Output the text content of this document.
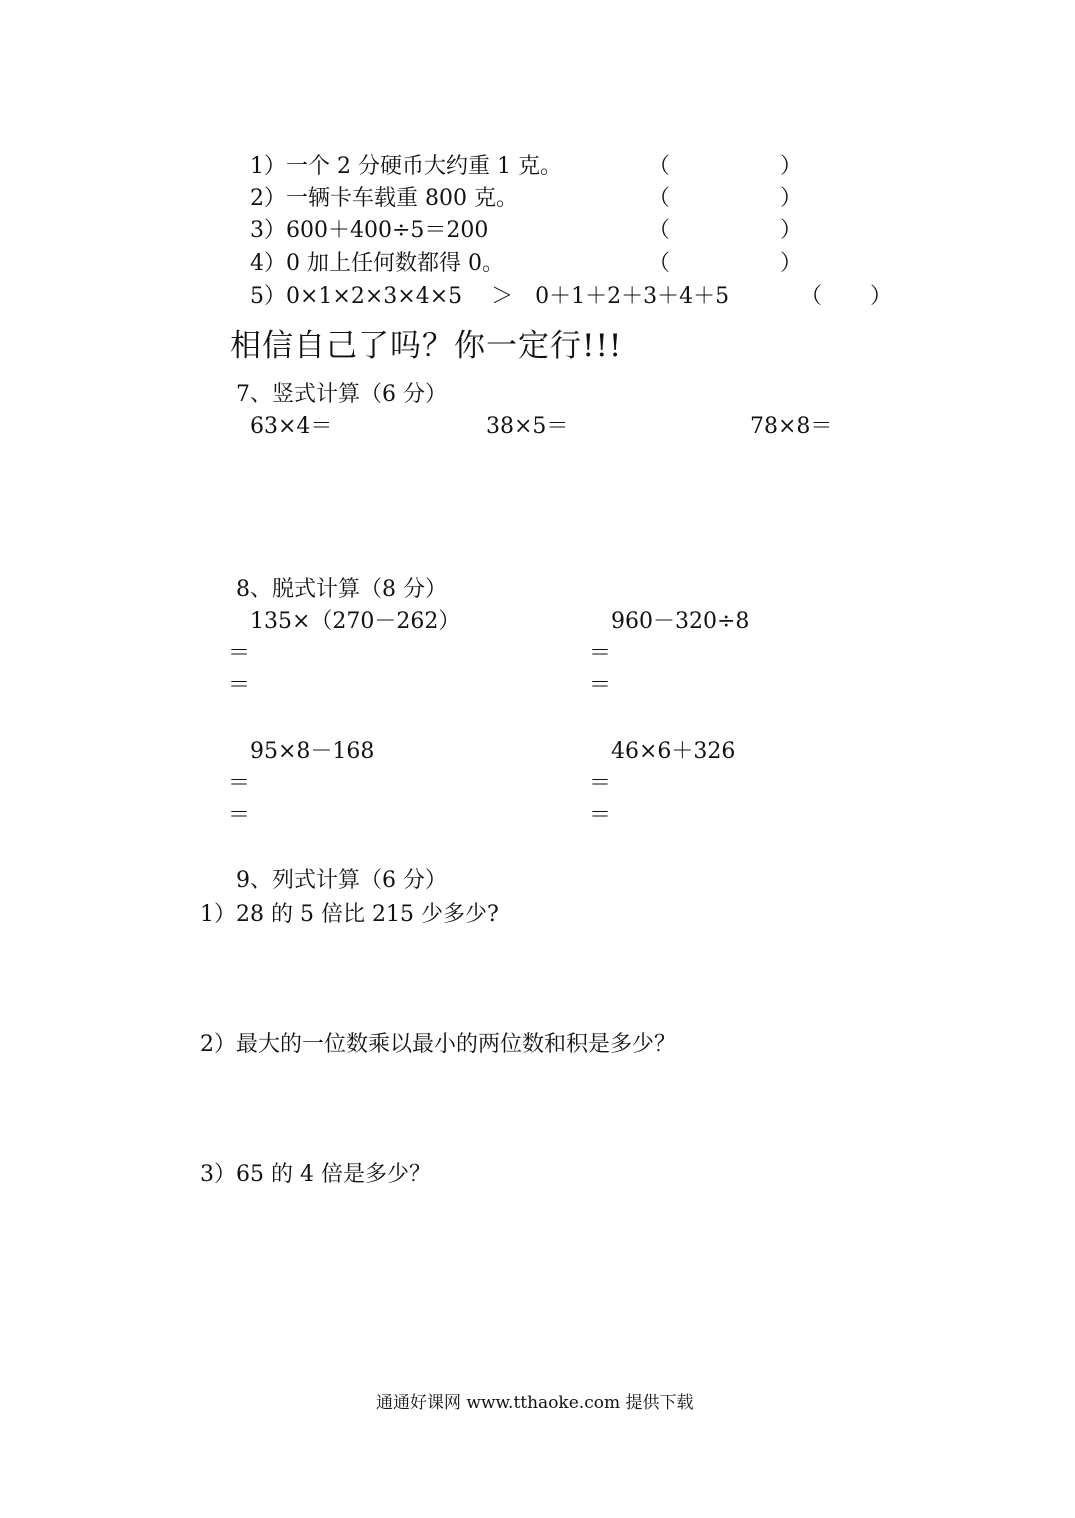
1）一个 2 分硬币大约重 1 克。	（	）
2）一辆卡车载重 800 克。	（	）
3）600＋400÷5＝200	（	）
4）0 加上任何数都得 0。	（	）
5）0×1×2×3×4×5 　＞　0＋1＋2＋3＋4＋5	（ ）
相信自己了吗？你一定行!!!
7、竖式计算（6 分）
63×4＝	38×5＝	78×8＝
8、脱式计算（8 分）
135×（270－262）	960－320÷8
＝	＝
＝	＝
95×8－168	46×6＋326
＝	＝
＝	＝
9、列式计算（6 分）
1）28 的 5 倍比 215 少多少?
2）最大的一位数乘以最小的两位数和积是多少？
3）65 的 4 倍是多少？
通通好课网 www.tthaoke.com 提供下载
